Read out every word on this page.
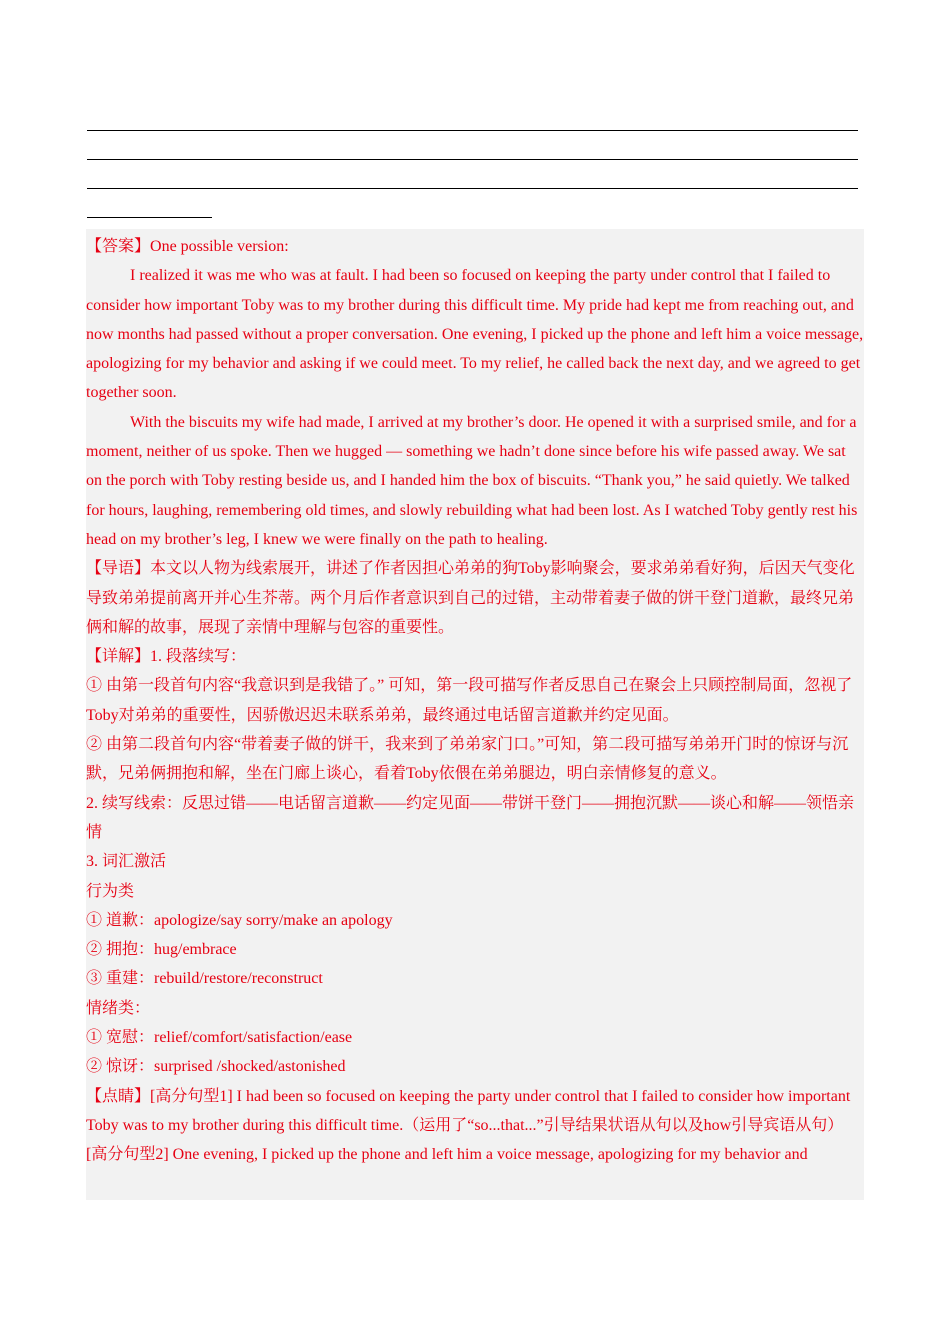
【答案】One possible version:

I realized it was me who was at fault. I had been so focused on keeping the party under control that I failed to consider how important Toby was to my brother during this difficult time. My pride had kept me from reaching out, and now months had passed without a proper conversation. One evening, I picked up the phone and left him a voice message, apologizing for my behavior and asking if we could meet. To my relief, he called back the next day, and we agreed to get together soon.

With the biscuits my wife had made, I arrived at my brother’s door. He opened it with a surprised smile, and for a moment, neither of us spoke. Then we hugged — something we hadn’t done since before his wife passed away. We sat on the porch with Toby resting beside us, and I handed him the box of biscuits. “Thank you,” he said quietly. We talked for hours, laughing, remembering old times, and slowly rebuilding what had been lost. As I watched Toby gently rest his head on my brother’s leg, I knew we were finally on the path to healing.

【导语】本文以人物为线索展开，讲述了作者因担心弟弟的狗Toby影响聚会，要求弟弟看好狗，后因天气变化导致弟弟提前离开并心生芥蒂。两个月后作者意识到自己的过错，主动带着妻子做的饼干登门道歉，最终兄弟俩和解的故事，展现了亲情中理解与包容的重要性。

【详解】1. 段落续写：

① 由第一段首句内容“我意识到是我错了。” 可知，第一段可描写作者反思自己在聚会上只顾控制局面，忽视了Toby对弟弟的重要性，因骄傲迟迟未联系弟弟，最终通过电话留言道歉并约定见面。

② 由第二段首句内容“带着妻子做的饼干，我来到了弟弟家门口。”可知，第二段可描写弟弟开门时的惊讶与沉默，兄弟俩拥抱和解，坐在门廊上谈心，看着Toby依偎在弟弟腿边，明白亲情修复的意义。

2. 续写线索：反思过错——电话留言道歉——约定见面——带饼干登门——拥抱沉默——谈心和解——领悟亲情

3. 词汇激活

行为类

① 道歉：apologize/say sorry/make an apology

② 拥抱：hug/embrace

③ 重建：rebuild/restore/reconstruct

情绪类：

① 宽慰：relief/comfort/satisfaction/ease

② 惊讶：surprised /shocked/astonished

【点睛】[高分句型1] I had been so focused on keeping the party under control that I failed to consider how important Toby was to my brother during this difficult time.（运用了“so...that...”引导结果状语从句以及how引导宾语从句）

[高分句型2] One evening, I picked up the phone and left him a voice message, apologizing for my behavior and
